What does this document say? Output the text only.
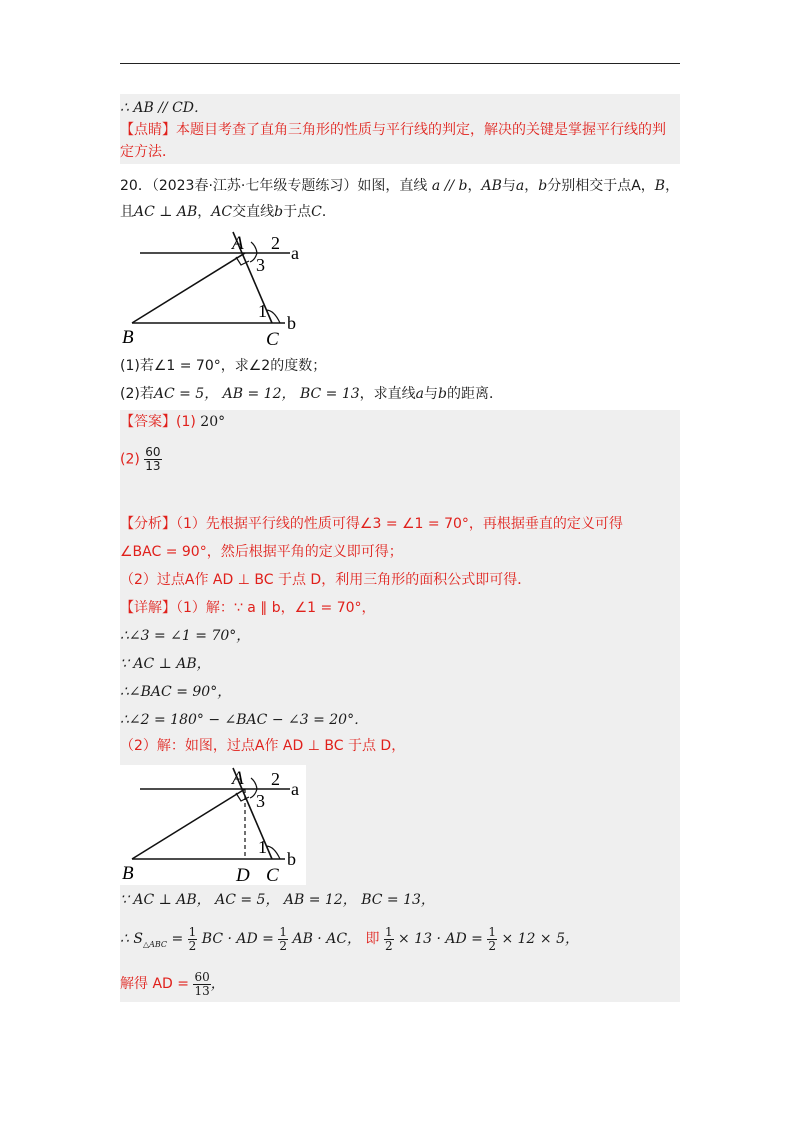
∴ AB // CD．
【点睛】本题目考查了直角三角形的性质与平行线的判定，解决的关键是掌握平行线的判
定方法．
20．（2023春·江苏·七年级专题练习）如图，直线 a // b，AB与a，b分别相交于点A，B，
且AC ⊥ AB，AC交直线b于点C．
A 2
3
a
1
b
B	C
(1)若∠1 = 70°，求∠2的度数；
(2)若AC = 5， AB = 12， BC = 13，求直线a与b的距离．
【答案】(1) 20°
$(2) \frac{60}{13}$
【分析】（1）先根据平行线的性质可得∠3 = ∠1 = 70°，再根据垂直的定义可得
∠BAC = 90°，然后根据平角的定义即可得；
（2）过点A作 AD ⊥ BC 于点 D，利用三角形的面积公式即可得．
【详解】（1）解：∵ a ∥ b，∠1 = 70°，
∴∠3 = ∠1 = 70°，
∵ AC ⊥ AB，
∴∠BAC = 90°，
∴∠2 = 180° − ∠BAC − ∠3 = 20°．
（2）解：如图，过点A作 AD ⊥ BC 于点 D，
A 2
3
a
1
b
B	D C
∵ AC ⊥ AB， AC = 5， AB = 12， BC = 13，
∴ $S_{\triangle ABC} = \frac{1}{2}$ BC · AD = $\frac{1}{2}$ AB · AC， 即 $\frac{1}{2} \times 13$ · AD = $\frac{1}{2} \times 12 \times 5$，
解得 AD = $\frac{60}{13}$ ，
